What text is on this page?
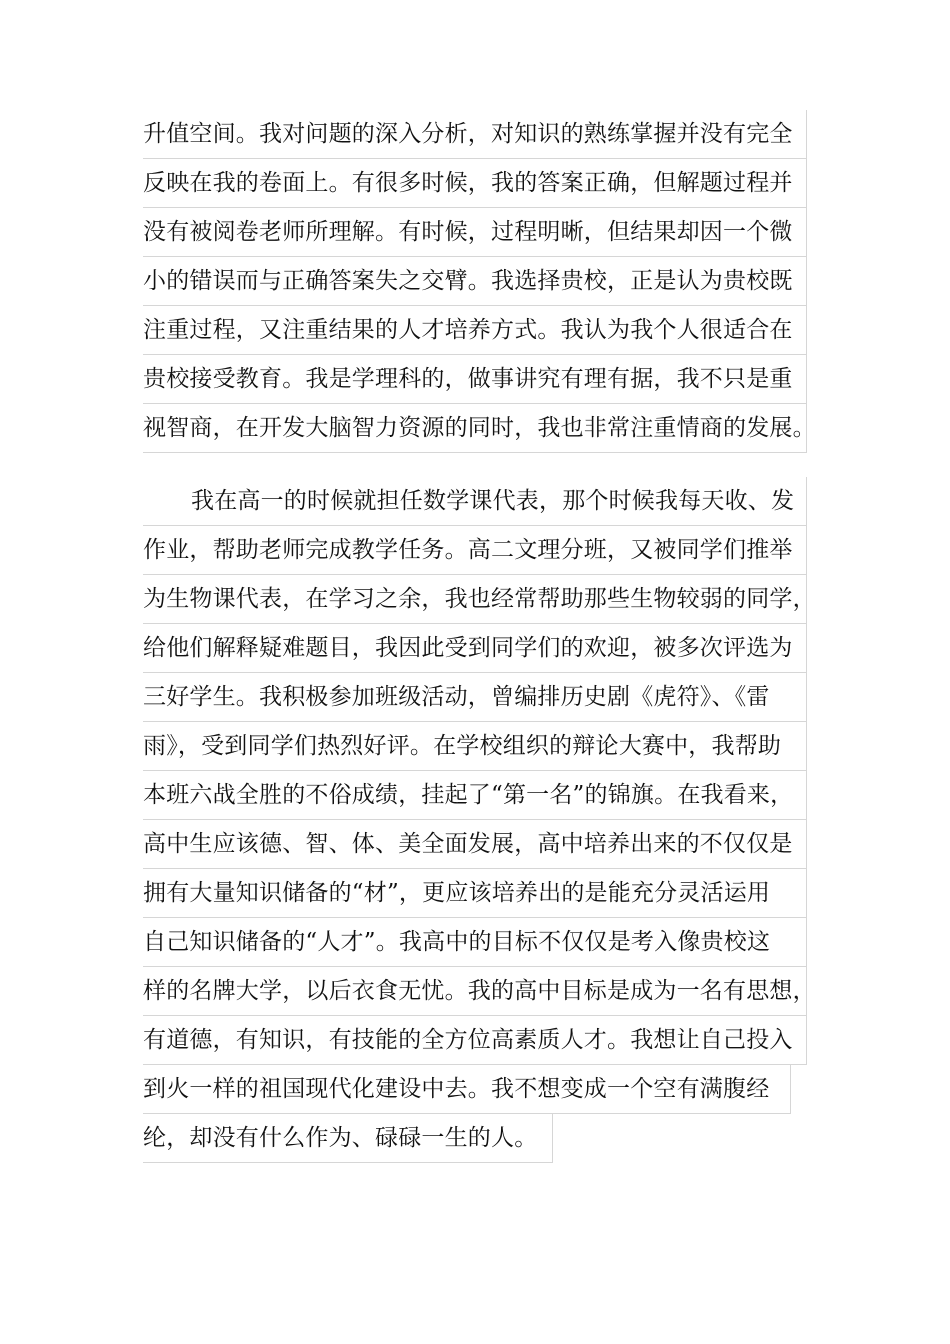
升值空间。我对问题的深入分析，对知识的熟练掌握并没有完全
反映在我的卷面上。有很多时候，我的答案正确，但解题过程并
没有被阅卷老师所理解。有时候，过程明晰，但结果却因一个微
小的错误而与正确答案失之交臂。我选择贵校，正是认为贵校既
注重过程，又注重结果的人才培养方式。我认为我个人很适合在
贵校接受教育。我是学理科的，做事讲究有理有据，我不只是重
视智商，在开发大脑智力资源的同时，我也非常注重情商的发展。
我在高一的时候就担任数学课代表，那个时候我每天收、发
作业，帮助老师完成教学任务。高二文理分班，又被同学们推举
为生物课代表，在学习之余，我也经常帮助那些生物较弱的同学，
给他们解释疑难题目，我因此受到同学们的欢迎，被多次评选为
三好学生。我积极参加班级活动，曾编排历史剧《虎符》、《雷
雨》，受到同学们热烈好评。在学校组织的辩论大赛中，我帮助
本班六战全胜的不俗成绩，挂起了“第一名”的锦旗。在我看来，
高中生应该德、智、体、美全面发展，高中培养出来的不仅仅是
拥有大量知识储备的“材”，更应该培养出的是能充分灵活运用
自己知识储备的“人才”。我高中的目标不仅仅是考入像贵校这
样的名牌大学，以后衣食无忧。我的高中目标是成为一名有思想，
有道德，有知识，有技能的全方位高素质人才。我想让自己投入
到火一样的祖国现代化建设中去。我不想变成一个空有满腹经
纶，却没有什么作为、碌碌一生的人。
